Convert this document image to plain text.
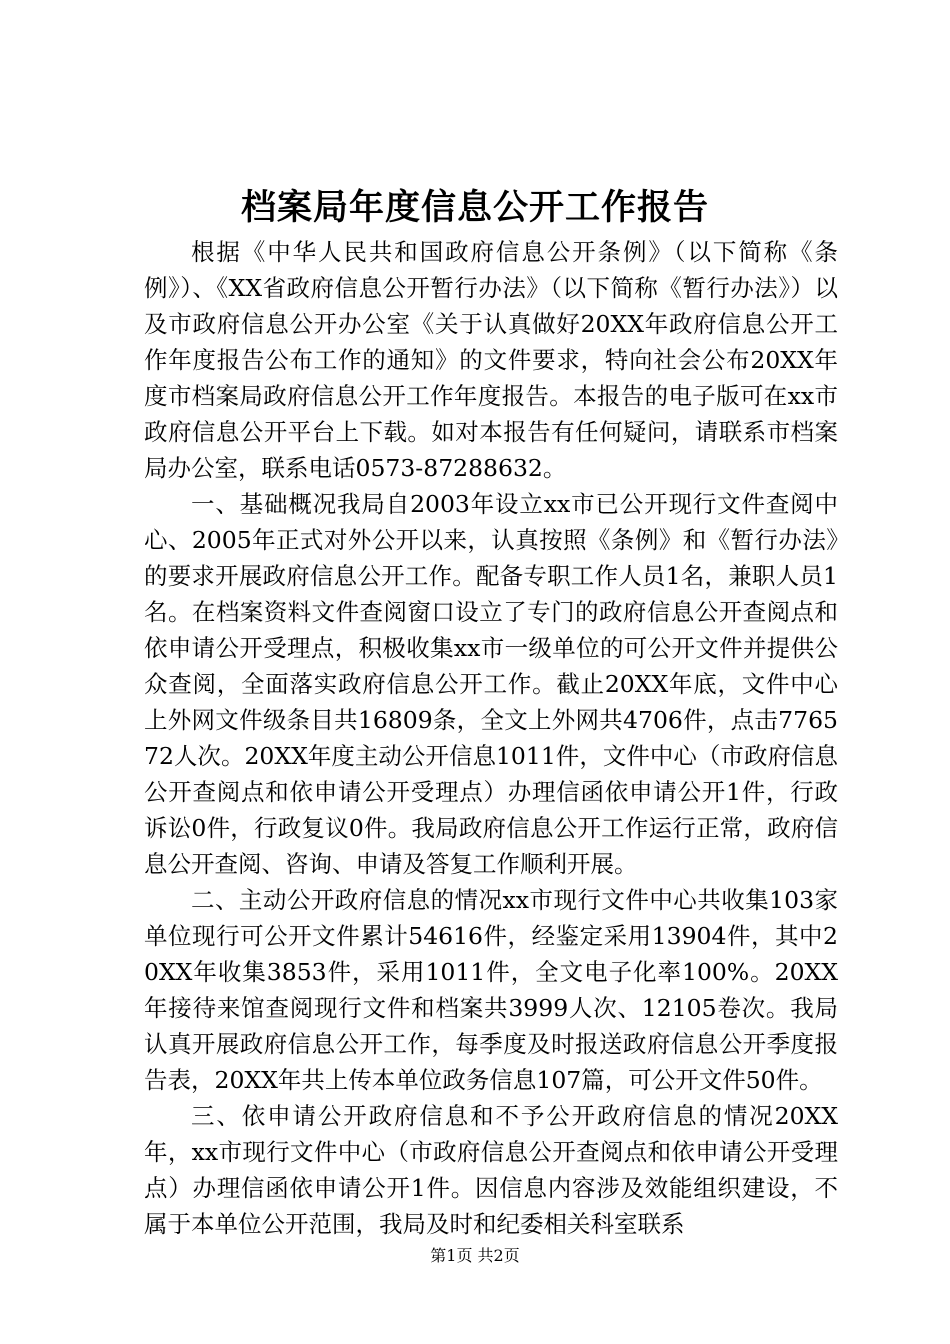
档案局年度信息公开工作报告

根据《中华人民共和国政府信息公开条例》（以下简称《条例》）、《XX省政府信息公开暂行办法》（以下简称《暂行办法》）以及市政府信息公开办公室《关于认真做好20XX年政府信息公开工作年度报告公布工作的通知》的文件要求，特向社会公布20XX年度市档案局政府信息公开工作年度报告。本报告的电子版可在xx市政府信息公开平台上下载。如对本报告有任何疑问，请联系市档案局办公室，联系电话0573-87288632。

一、基础概况我局自2003年设立xx市已公开现行文件查阅中心、2005年正式对外公开以来，认真按照《条例》和《暂行办法》的要求开展政府信息公开工作。配备专职工作人员1名，兼职人员1名。在档案资料文件查阅窗口设立了专门的政府信息公开查阅点和依申请公开受理点，积极收集xx市一级单位的可公开文件并提供公众查阅，全面落实政府信息公开工作。截止20XX年底，文件中心上外网文件级条目共16809条，全文上外网共4706件，点击776572人次。20XX年度主动公开信息1011件，文件中心（市政府信息公开查阅点和依申请公开受理点）办理信函依申请公开1件，行政诉讼0件，行政复议0件。我局政府信息公开工作运行正常，政府信息公开查阅、咨询、申请及答复工作顺利开展。

二、主动公开政府信息的情况xx市现行文件中心共收集103家单位现行可公开文件累计54616件，经鉴定采用13904件，其中20XX年收集3853件，采用1011件，全文电子化率100%。20XX年接待来馆查阅现行文件和档案共3999人次、12105卷次。我局认真开展政府信息公开工作，每季度及时报送政府信息公开季度报告表，20XX年共上传本单位政务信息107篇，可公开文件50件。

三、依申请公开政府信息和不予公开政府信息的情况20XX年，xx市现行文件中心（市政府信息公开查阅点和依申请公开受理点）办理信函依申请公开1件。因信息内容涉及效能组织建设，不属于本单位公开范围，我局及时和纪委相关科室联系

第1页 共2页
